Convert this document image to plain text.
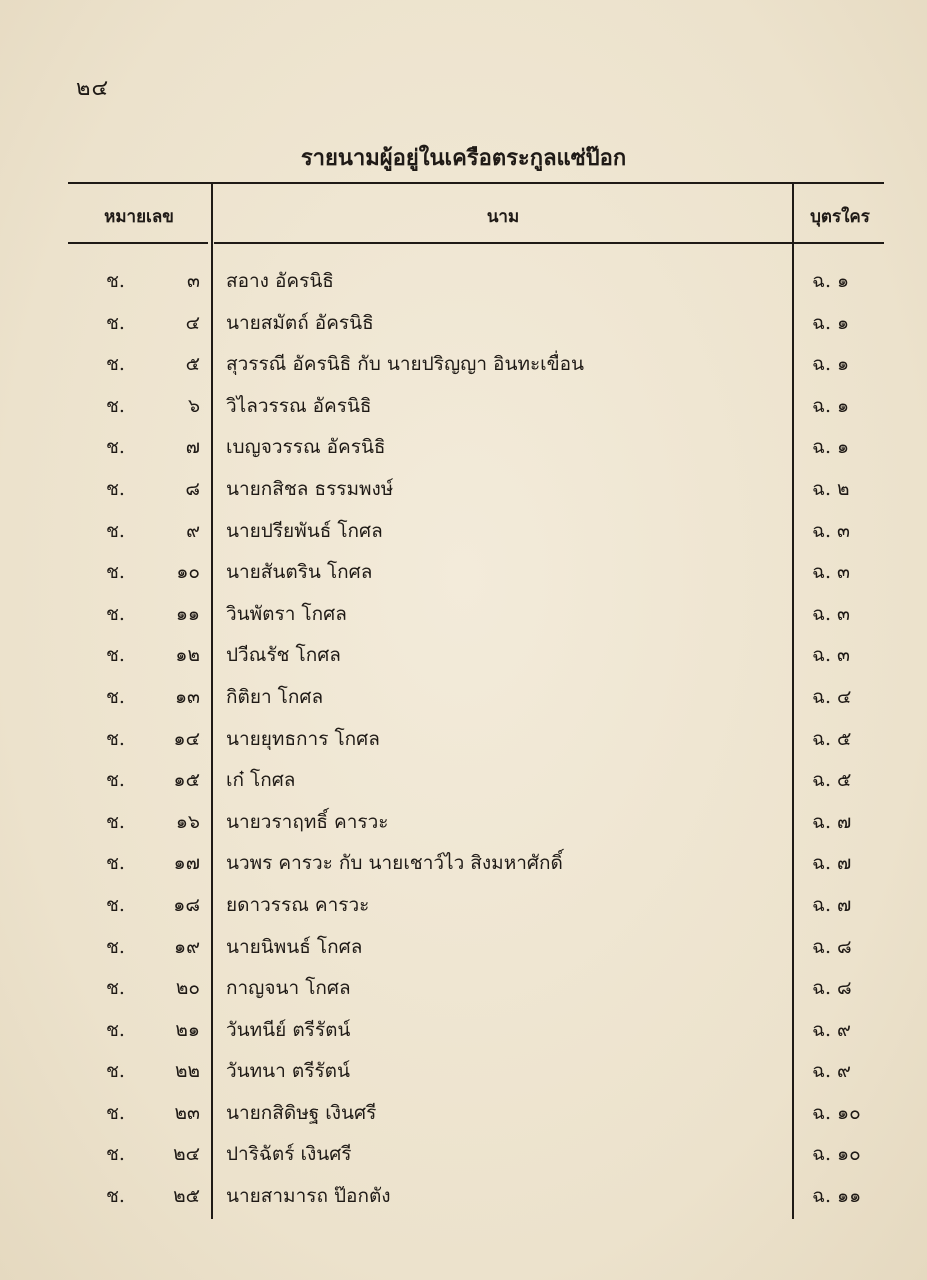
๒๔
รายนามผู้อยู่ในเครือตระกูลแซ่ป๊อก
หมายเลข	นาม	บุตรใคร
ช.	๓ สอาง อัครนิธิ	ฉ. ๑
ช.	๔ นายสมัตถ์ อัครนิธิ	ฉ. ๑
ช.	๕ สุวรรณี อัครนิธิ กับ นายปริญญา อินทะเขื่อน	ฉ. ๑
ช.	๖ วิไลวรรณ อัครนิธิ	ฉ. ๑
ช.	๗ เบญจวรรณ อัครนิธิ	ฉ. ๑
ช.	๘ นายกสิชล ธรรมพงษ์	ฉ. ๒
ช.	๙ นายปรียพันธ์ โกศล	ฉ. ๓
ช.	๑๐ นายสันตริน โกศล	ฉ. ๓
ช.	๑๑ วินพัตรา โกศล	ฉ. ๓
ช.	๑๒ ปวีณรัช โกศล	ฉ. ๓
ช.	๑๓ กิติยา โกศล	ฉ. ๔
ช.	๑๔ นายยุทธการ โกศล	ฉ. ๕
ช.	๑๕ เก๋ โกศล	ฉ. ๕
ช.	๑๖ นายวราฤทธิ์ คารวะ	ฉ. ๗
ช.	๑๗ นวพร คารวะ กับ นายเชาว์ไว สิงมหาศักดิ์	ฉ. ๗
ช.	๑๘ ยดาวรรณ คารวะ	ฉ. ๗
ช.	๑๙ นายนิพนธ์ โกศล	ฉ. ๘
ช.	๒๐ กาญจนา โกศล	ฉ. ๘
ช.	๒๑ วันทนีย์ ตรีรัตน์	ฉ. ๙
ช.	๒๒ วันทนา ตรีรัตน์	ฉ. ๙
ช.	๒๓ นายกสิดิษฐ เงินศรี	ฉ. ๑๐
ช.	๒๔ ปาริฉัตร์ เงินศรี	ฉ. ๑๐
ช.	๒๕ นายสามารถ ป๊อกตัง	ฉ. ๑๑
